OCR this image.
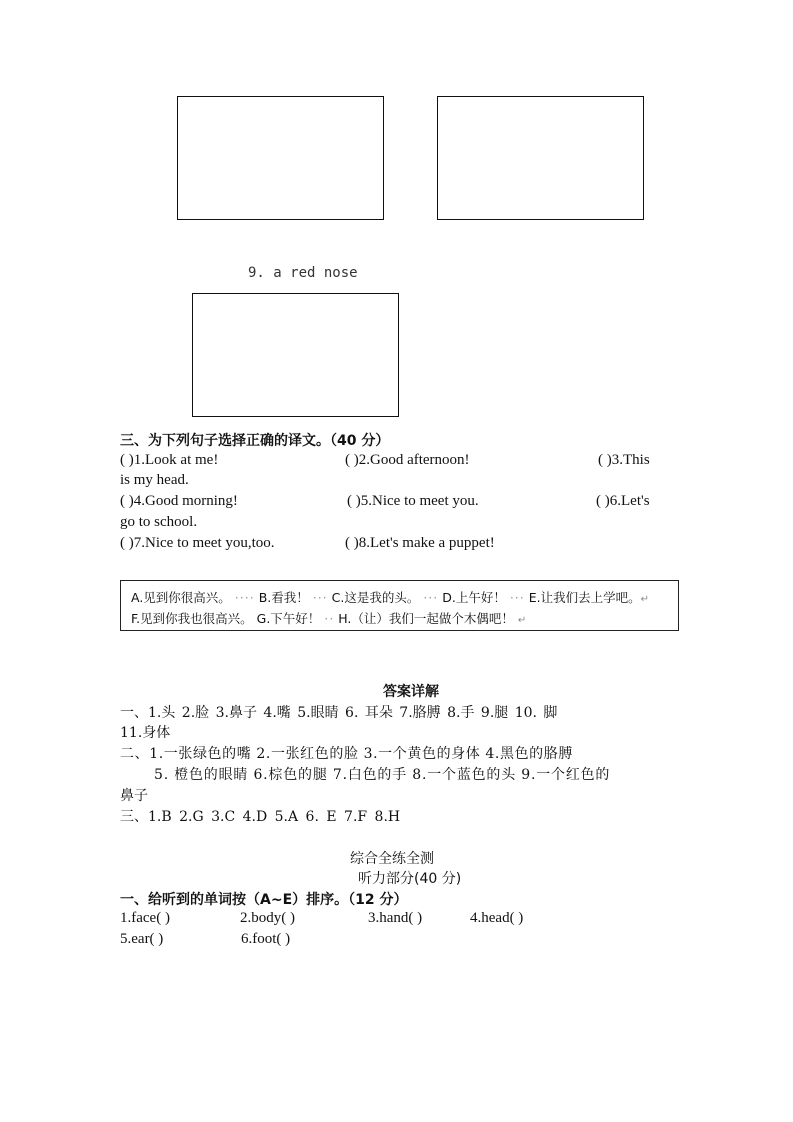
9. a red nose
三、为下列句子选择正确的译文。（40 分）
( )1.Look at me!	( )2.Good afternoon!	( )3.This
is my head.
( )4.Good morning!	( )5.Nice to meet you.	( )6.Let's
go to school.
( )7.Nice to meet you,too.	( )8.Let's make a puppet!
A.见到你很高兴。 ···· B.看我！ ··· C.这是我的头。 ··· D.上午好！ ··· E.让我们去上学吧。↵
F.见到你我也很高兴。 G.下午好！ ·· H.（让）我们一起做个木偶吧！ ↵
答案详解
一、1.头 2.脸 3.鼻子 4.嘴 5.眼睛 6. 耳朵 7.胳膊 8.手 9.腿 10. 脚
11.身体
二、1.一张绿色的嘴 2.一张红色的脸 3.一个黄色的身体 4.黑色的胳膊
5. 橙色的眼睛 6.棕色的腿 7.白色的手 8.一个蓝色的头 9.一个红色的
鼻子
三、1.B 2.G 3.C 4.D 5.A 6. E 7.F 8.H
综合全练全测
听力部分(40 分)
一、给听到的单词按（A~E）排序。（12 分）
1.face( )	2.body( )	3.hand( )	4.head( )
5.ear( )	6.foot( )
